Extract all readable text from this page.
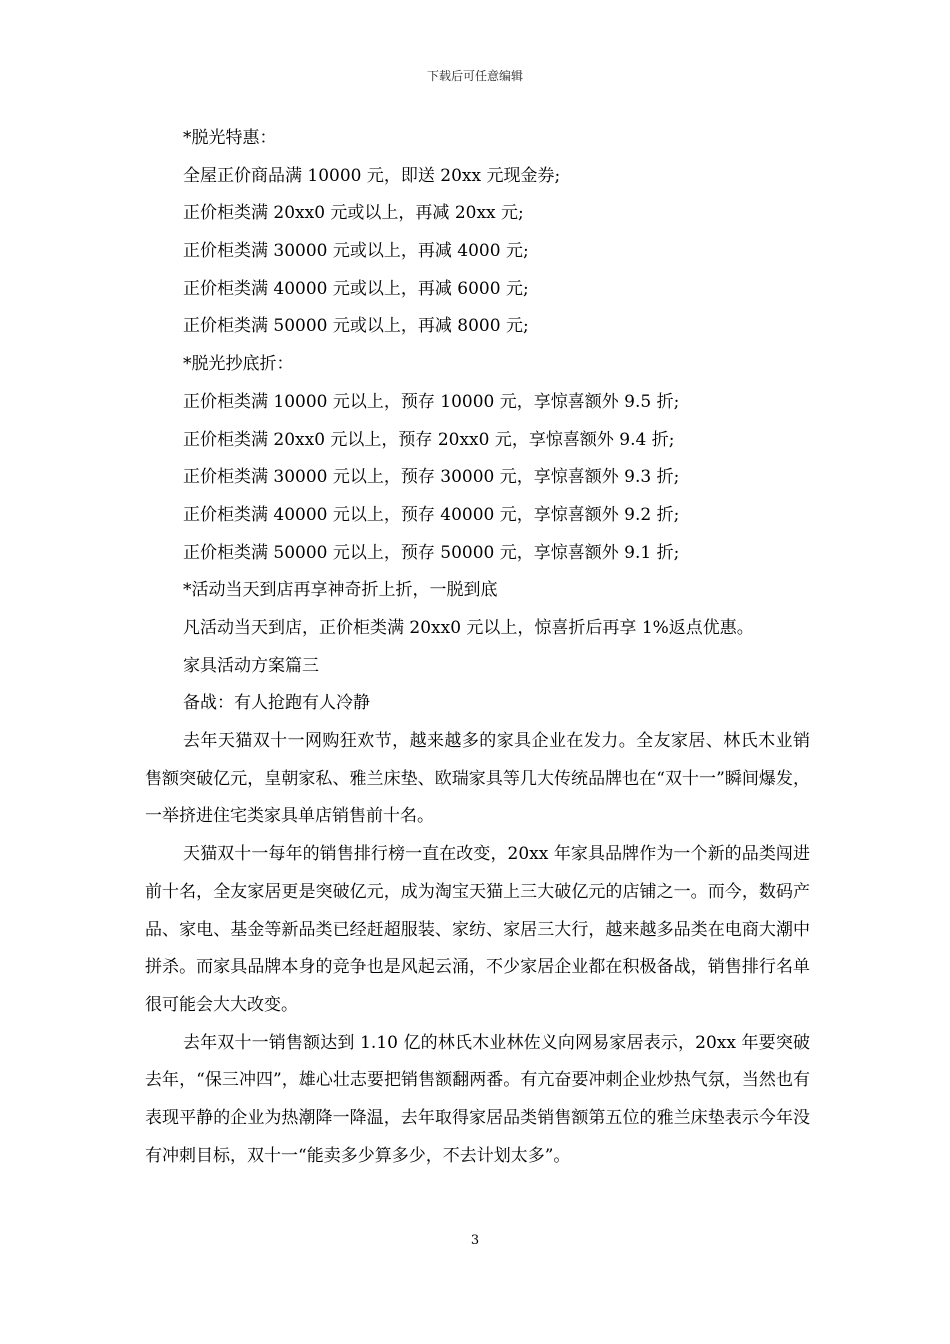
下载后可任意编辑
*脱光特惠：
全屋正价商品满 10000 元，即送 20xx 元现金券;
正价柜类满 20xx0 元或以上，再减 20xx 元;
正价柜类满 30000 元或以上，再减 4000 元;
正价柜类满 40000 元或以上，再减 6000 元;
正价柜类满 50000 元或以上，再减 8000 元;
*脱光抄底折：
正价柜类满 10000 元以上，预存 10000 元，享惊喜额外 9.5 折;
正价柜类满 20xx0 元以上，预存 20xx0 元，享惊喜额外 9.4 折;
正价柜类满 30000 元以上，预存 30000 元，享惊喜额外 9.3 折;
正价柜类满 40000 元以上，预存 40000 元，享惊喜额外 9.2 折;
正价柜类满 50000 元以上，预存 50000 元，享惊喜额外 9.1 折;
*活动当天到店再享神奇折上折，一脱到底
凡活动当天到店，正价柜类满 20xx0 元以上，惊喜折后再享 1%返点优惠。
家具活动方案篇三
备战：有人抢跑有人冷静

去年天猫双十一网购狂欢节，越来越多的家具企业在发力。全友家居、林氏木业销售额突破亿元，皇朝家私、雅兰床垫、欧瑞家具等几大传统品牌也在“双十一”瞬间爆发，一举挤进住宅类家具单店销售前十名。

天猫双十一每年的销售排行榜一直在改变，20xx 年家具品牌作为一个新的品类闯进前十名，全友家居更是突破亿元，成为淘宝天猫上三大破亿元的店铺之一。而今，数码产品、家电、基金等新品类已经赶超服装、家纺、家居三大行，越来越多品类在电商大潮中拼杀。而家具品牌本身的竞争也是风起云涌，不少家居企业都在积极备战，销售排行名单很可能会大大改变。

去年双十一销售额达到 1.10 亿的林氏木业林佐义向网易家居表示，20xx 年要突破去年，“保三冲四”，雄心壮志要把销售额翻两番。有亢奋要冲刺企业炒热气氛，当然也有表现平静的企业为热潮降一降温，去年取得家居品类销售额第五位的雅兰床垫表示今年没有冲刺目标，双十一“能卖多少算多少，不去计划太多”。

3
